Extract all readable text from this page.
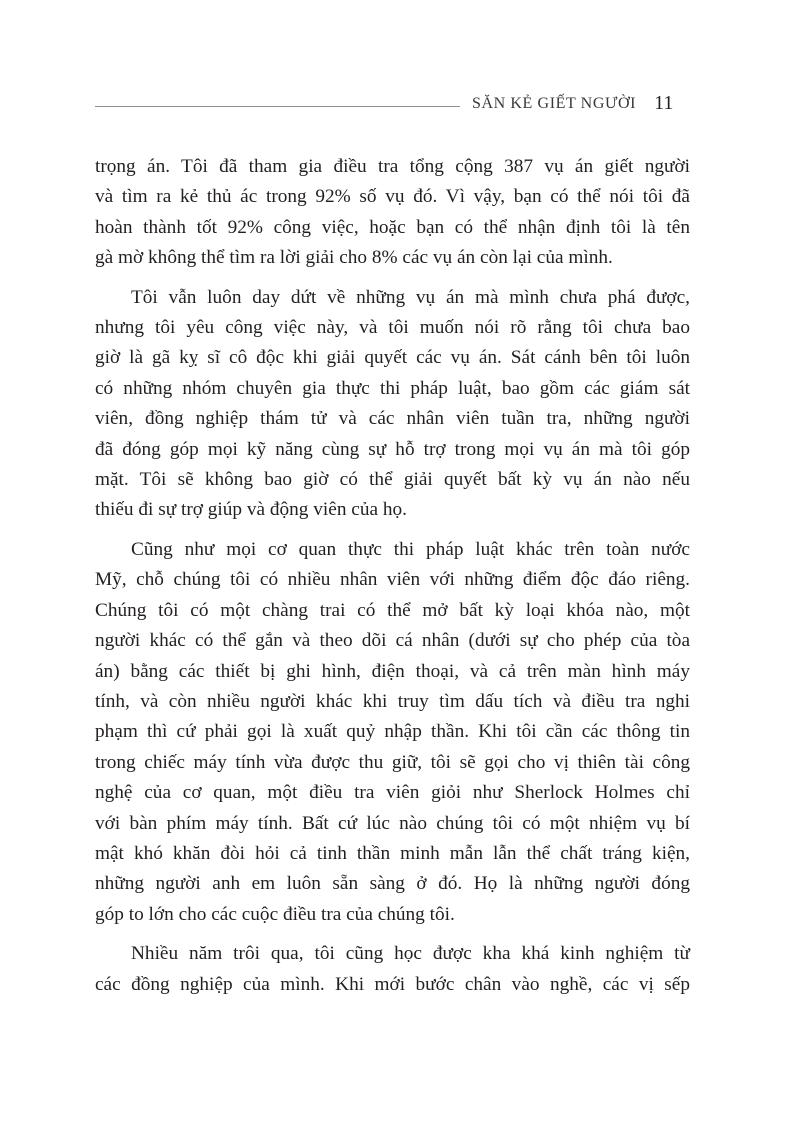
SĂN KẺ GIẾT NGƯỜI 11

trọng án. Tôi đã tham gia điều tra tổng cộng 387 vụ án giết người
và tìm ra kẻ thủ ác trong 92% số vụ đó. Vì vậy, bạn có thể nói tôi đã
hoàn thành tốt 92% công việc, hoặc bạn có thể nhận định tôi là tên
gà mờ không thể tìm ra lời giải cho 8% các vụ án còn lại của mình.

Tôi vẫn luôn day dứt về những vụ án mà mình chưa phá được,
nhưng tôi yêu công việc này, và tôi muốn nói rõ rằng tôi chưa bao
giờ là gã kỵ sĩ cô độc khi giải quyết các vụ án. Sát cánh bên tôi luôn
có những nhóm chuyên gia thực thi pháp luật, bao gồm các giám sát
viên, đồng nghiệp thám tử và các nhân viên tuần tra, những người
đã đóng góp mọi kỹ năng cùng sự hỗ trợ trong mọi vụ án mà tôi góp
mặt. Tôi sẽ không bao giờ có thể giải quyết bất kỳ vụ án nào nếu
thiếu đi sự trợ giúp và động viên của họ.

Cũng như mọi cơ quan thực thi pháp luật khác trên toàn nước
Mỹ, chỗ chúng tôi có nhiều nhân viên với những điểm độc đáo riêng.
Chúng tôi có một chàng trai có thể mở bất kỳ loại khóa nào, một
người khác có thể gắn và theo dõi cá nhân (dưới sự cho phép của tòa
án) bằng các thiết bị ghi hình, điện thoại, và cả trên màn hình máy
tính, và còn nhiều người khác khi truy tìm dấu tích và điều tra nghi
phạm thì cứ phải gọi là xuất quỷ nhập thần. Khi tôi cần các thông tin
trong chiếc máy tính vừa được thu giữ, tôi sẽ gọi cho vị thiên tài công
nghệ của cơ quan, một điều tra viên giỏi như Sherlock Holmes chỉ
với bàn phím máy tính. Bất cứ lúc nào chúng tôi có một nhiệm vụ bí
mật khó khăn đòi hỏi cả tinh thần minh mẫn lẫn thể chất tráng kiện,
những người anh em luôn sẵn sàng ở đó. Họ là những người đóng
góp to lớn cho các cuộc điều tra của chúng tôi.

Nhiều năm trôi qua, tôi cũng học được kha khá kinh nghiệm từ
các đồng nghiệp của mình. Khi mới bước chân vào nghề, các vị sếp
